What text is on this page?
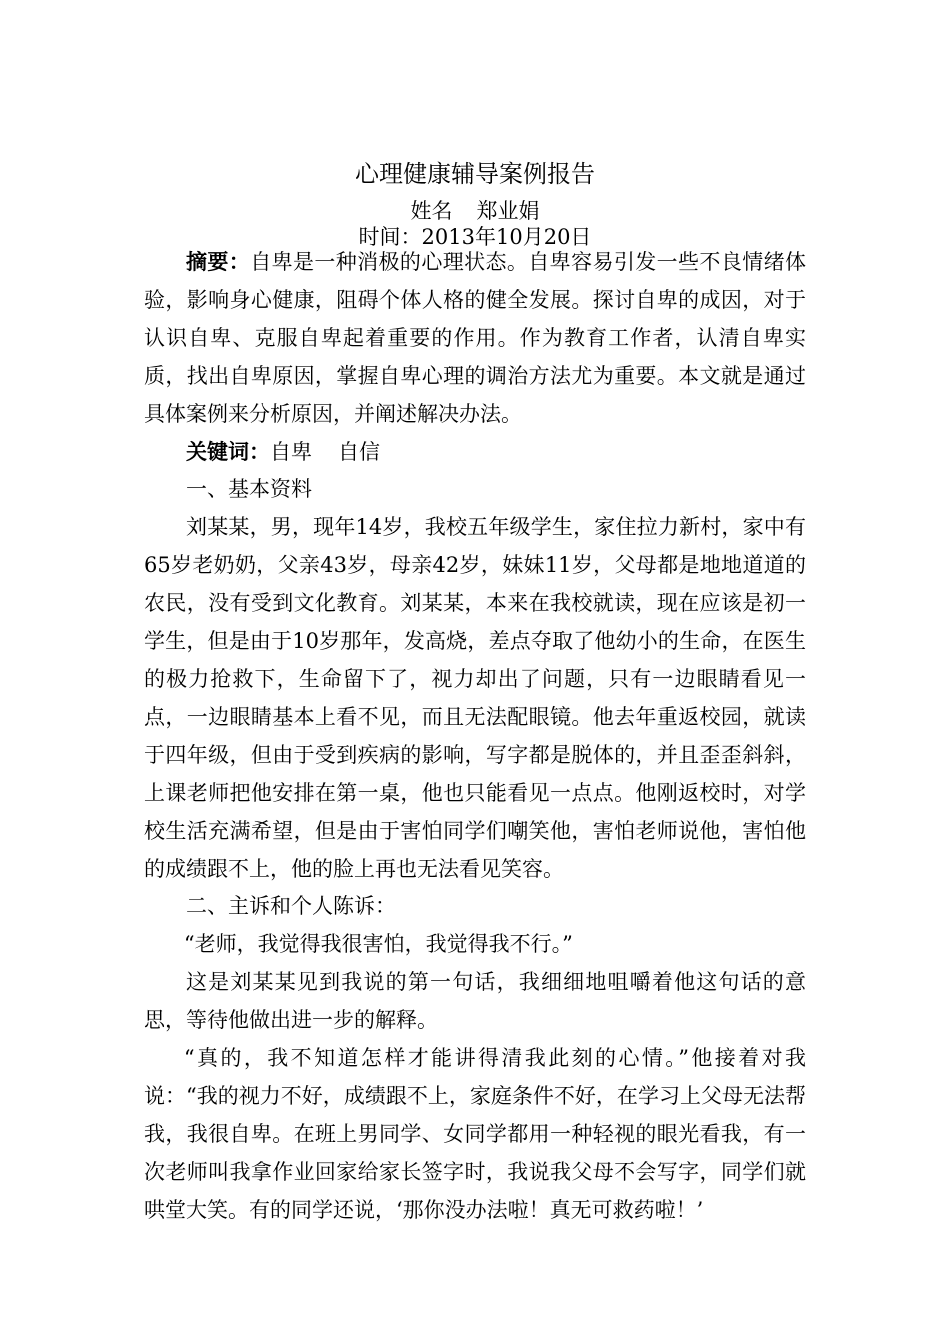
心理健康辅导案例报告
姓名 郑业娟
时间：2013年10月20日

摘要：自卑是一种消极的心理状态。自卑容易引发一些不良情绪体验，影响身心健康，阻碍个体人格的健全发展。探讨自卑的成因，对于认识自卑、克服自卑起着重要的作用。作为教育工作者，认清自卑实质，找出自卑原因，掌握自卑心理的调治方法尤为重要。本文就是通过具体案例来分析原因，并阐述解决办法。

关键词：自卑 自信

一、基本资料

刘某某，男，现年14岁，我校五年级学生，家住拉力新村，家中有65岁老奶奶，父亲43岁，母亲42岁，妹妹11岁，父母都是地地道道的农民，没有受到文化教育。刘某某，本来在我校就读，现在应该是初一学生，但是由于10岁那年，发高烧，差点夺取了他幼小的生命，在医生的极力抢救下，生命留下了，视力却出了问题，只有一边眼睛看见一点，一边眼睛基本上看不见，而且无法配眼镜。他去年重返校园，就读于四年级，但由于受到疾病的影响，写字都是脱体的，并且歪歪斜斜，上课老师把他安排在第一桌，他也只能看见一点点。他刚返校时，对学校生活充满希望，但是由于害怕同学们嘲笑他，害怕老师说他，害怕他的成绩跟不上，他的脸上再也无法看见笑容。

二、主诉和个人陈诉：

“老师，我觉得我很害怕，我觉得我不行。”

这是刘某某见到我说的第一句话，我细细地咀嚼着他这句话的意思，等待他做出进一步的解释。

“真的，我不知道怎样才能讲得清我此刻的心情。”他接着对我说：“我的视力不好，成绩跟不上，家庭条件不好，在学习上父母无法帮我，我很自卑。在班上男同学、女同学都用一种轻视的眼光看我，有一次老师叫我拿作业回家给家长签字时，我说我父母不会写字，同学们就哄堂大笑。有的同学还说，‘那你没办法啦！真无可救药啦！’
